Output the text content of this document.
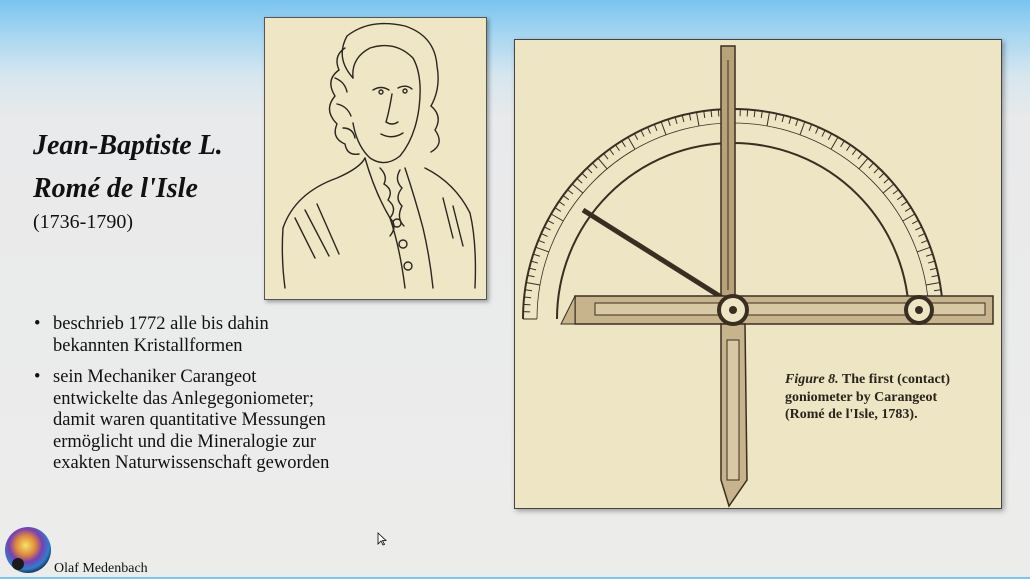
Jean-Baptiste L.
Romé de l'Isle
(1736-1790)
• beschrieb 1772 alle bis dahin
bekannten Kristallformen
• sein Mechaniker Carangeot
entwickelte das Anlegegoniometer;
damit waren quantitative Messungen
ermöglicht und die Mineralogie zur
exakten Naturwissenschaft geworden

Figure 8. The first (contact)

goniometer by Carangeot

(Romé de l'Isle, 1783).

Olaf Medenbach
